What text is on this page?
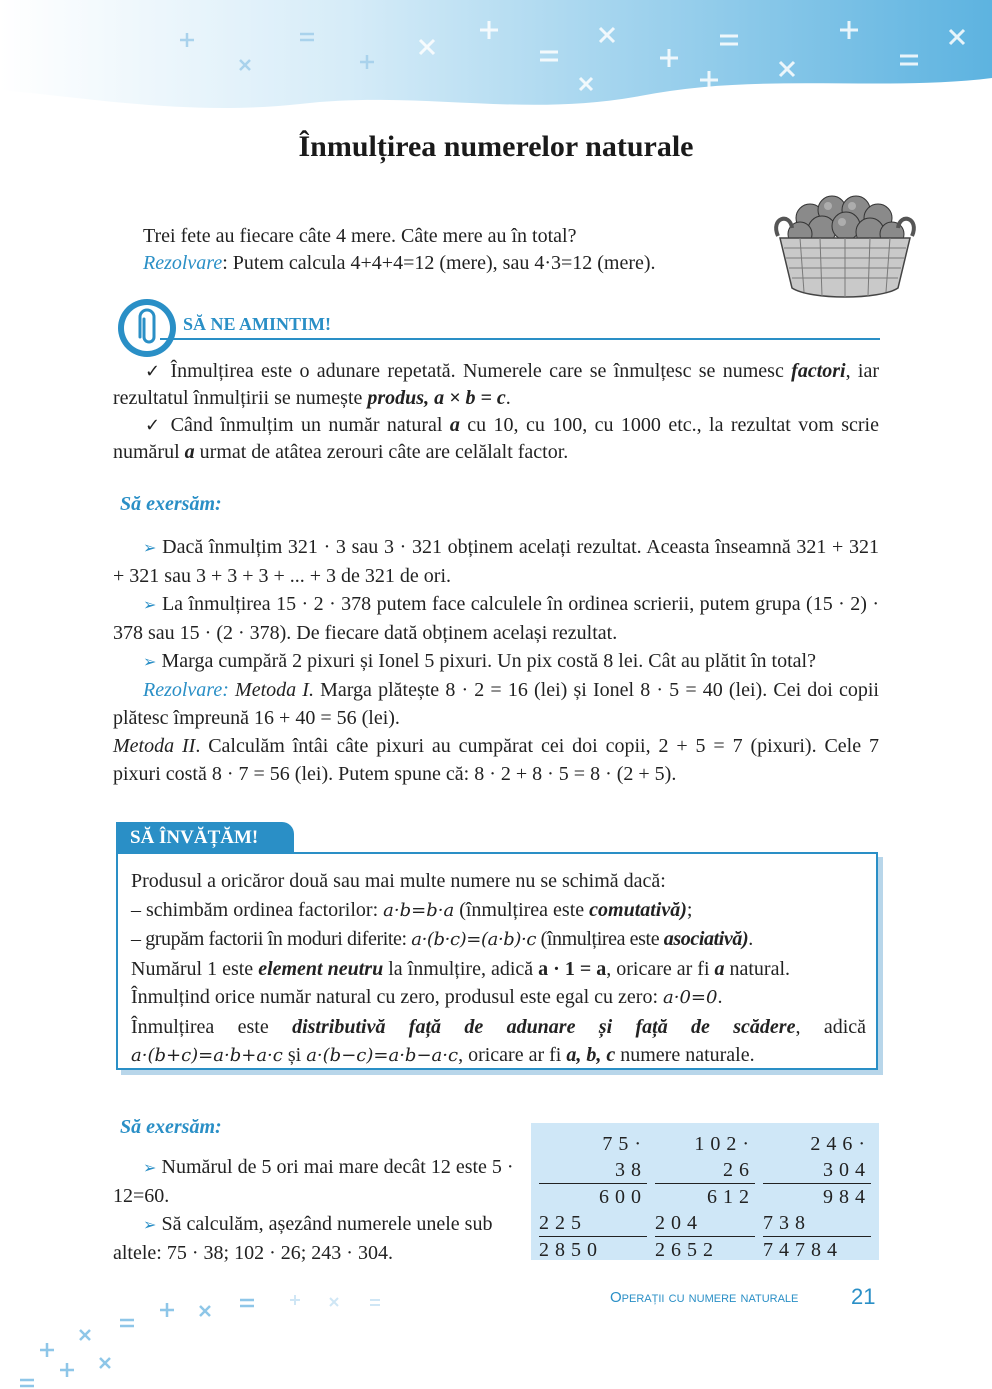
Înmulțirea numerelor naturale
Trei fete au fiecare câte 4 mere. Câte mere au în total?
Rezolvare: Putem calcula 4+4+4=12 (mere), sau 4·3=12 (mere).
SĂ NE AMINTIM!
✓ Înmulțirea este o adunare repetată. Numerele care se înmulțesc se numesc factori, iar rezultatul înmulțirii se numește produs, a × b = c.
✓ Când înmulțim un număr natural a cu 10, cu 100, cu 1000 etc., la rezultat vom scrie numărul a urmat de atâtea zerouri câte are celălalt factor.
Să exersăm:
➢ Dacă înmulțim 321 · 3 sau 3 · 321 obținem acelați rezultat. Aceasta înseamnă 321 + 321 + 321 sau 3 + 3 + 3 + ... + 3 de 321 de ori.
➢ La înmulțirea 15 · 2 · 378 putem face calculele în ordinea scrierii, putem grupa (15 · 2) · 378 sau 15 · (2 · 378). De fiecare dată obținem același rezultat.
➢ Marga cumpără 2 pixuri și Ionel 5 pixuri. Un pix costă 8 lei. Cât au plătit în total?
Rezolvare: Metoda I. Marga plătește 8 · 2 = 16 (lei) și Ionel 8 · 5 = 40 (lei). Cei doi copii plătesc împreună 16 + 40 = 56 (lei).
Metoda II. Calculăm întâi câte pixuri au cumpărat cei doi copii, 2 + 5 = 7 (pixuri). Cele 7 pixuri costă 8 · 7 = 56 (lei). Putem spune că: 8 · 2 + 8 · 5 = 8 · (2 + 5).
SĂ ÎNVĂȚĂM!
Produsul a oricăror două sau mai multe numere nu se schimă dacă:
– schimbăm ordinea factorilor: a·b=b·a (înmulțirea este comutativă);
– grupăm factorii în moduri diferite: a·(b·c)=(a·b)·c (înmulțirea este asociativă).
Numărul 1 este element neutru la înmulțire, adică a · 1 = a, oricare ar fi a natural.
Înmulțind orice număr natural cu zero, produsul este egal cu zero: a·0=0.
Înmulțirea este distributivă față de adunare și față de scădere, adică
a·(b+c)=a·b+a·c și a·(b−c)=a·b−a·c, oricare ar fi a, b, c numere naturale.
Să exersăm:
➢ Numărul de 5 ori mai mare decât 12 este 5 · 12=60.
➢ Să calculăm, așezând numerele unele sub altele: 75 · 38; 102 · 26; 243 · 304.
75·
38
600
225
2850
102·
26
612
204
2652
246·
304
984
738
74784
Operații cu numere naturale 21
